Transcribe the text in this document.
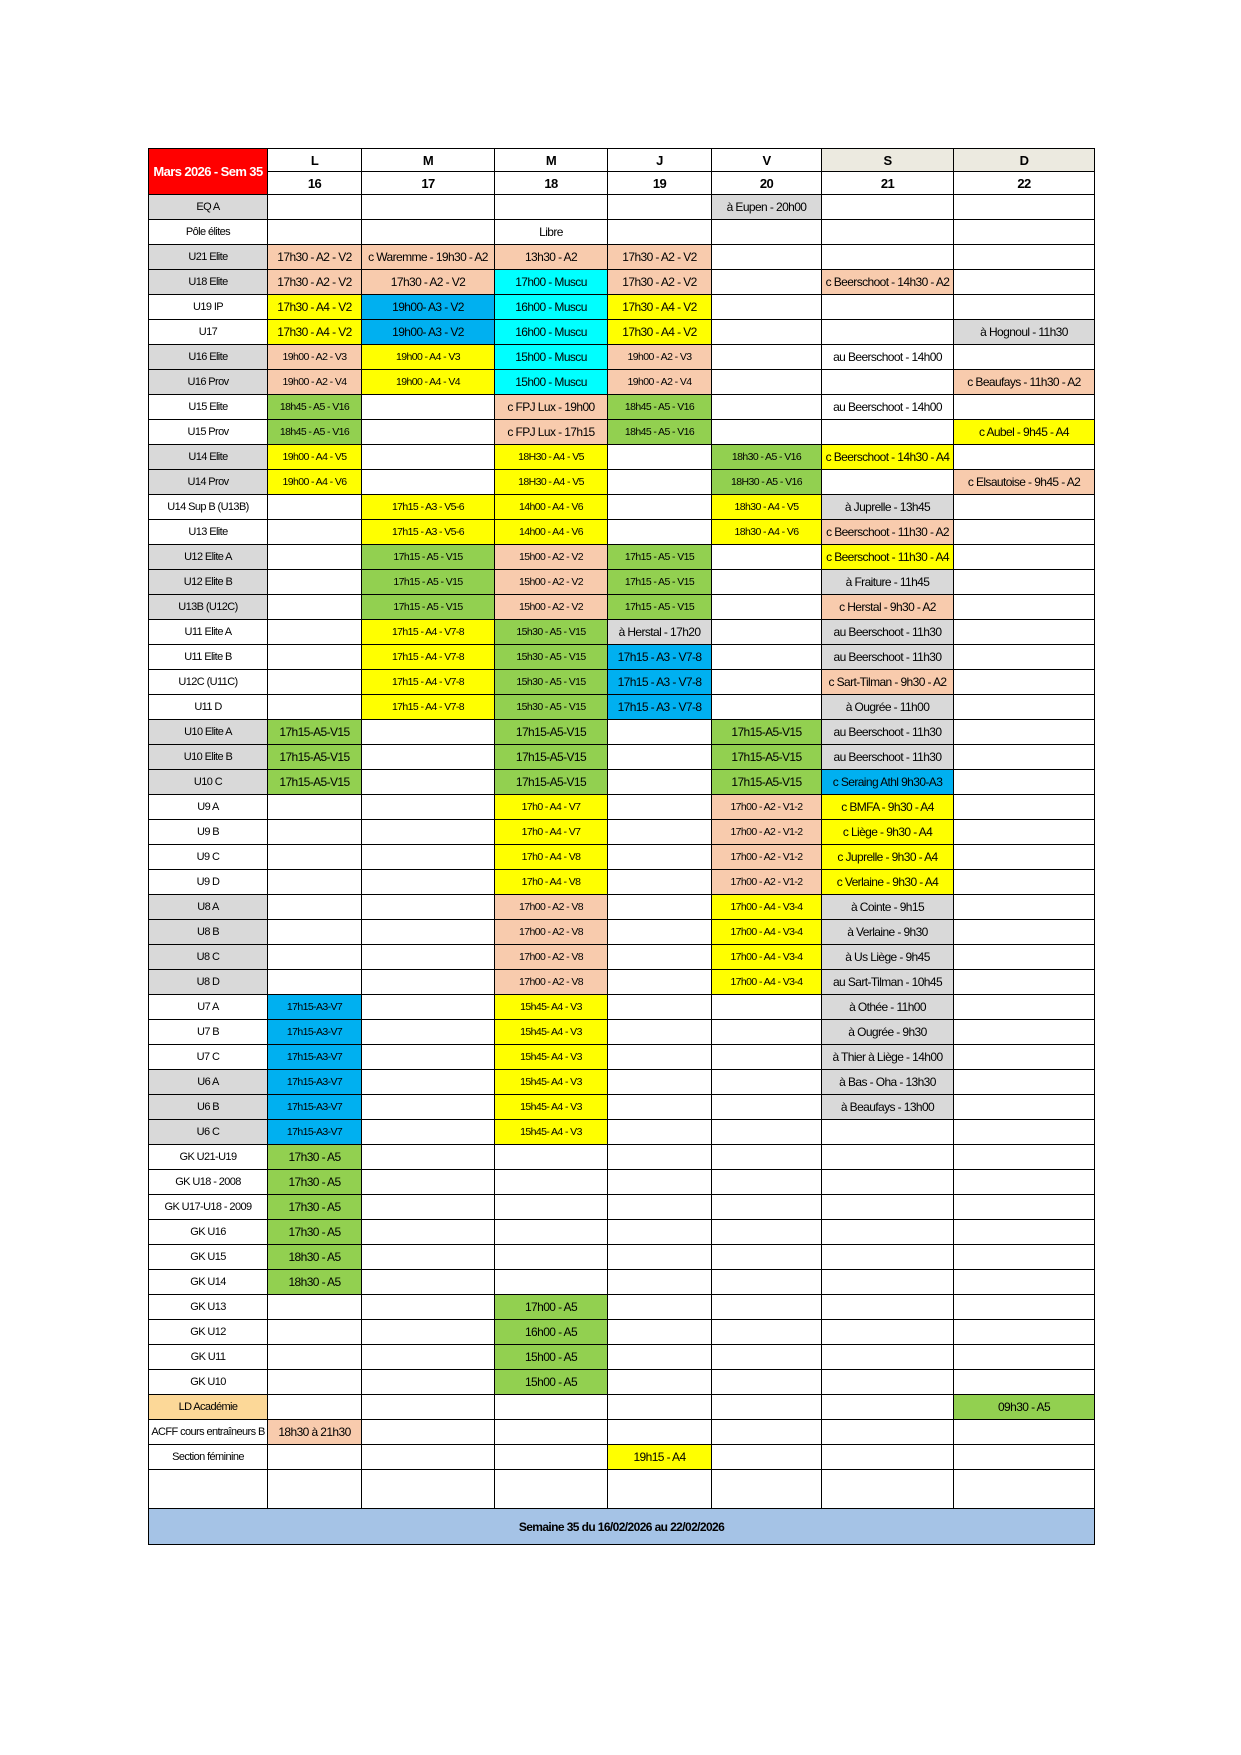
Mars 2026 - Sem 35	L	M	M	J	V	S	D
	16	17	18	19	20	21	22
EQ A					à Eupen - 20h00		
Pôle élites			Libre				
U21 Elite	17h30 - A2 - V2	c Waremme - 19h30 - A2	13h30 - A2	17h30 - A2 - V2			
U18 Elite	17h30 - A2 - V2	17h30 - A2 - V2	17h00 - Muscu	17h30 - A2 - V2		c Beerschoot - 14h30 - A2	
U19 IP	17h30 - A4 - V2	19h00- A3 - V2	16h00 - Muscu	17h30 - A4 - V2			
U17	17h30 - A4 - V2	19h00- A3 - V2	16h00 - Muscu	17h30 - A4 - V2			à Hognoul - 11h30
U16 Elite	19h00 - A2 - V3	19h00 - A4 - V3	15h00 - Muscu	19h00 - A2 - V3		au Beerschoot - 14h00	
U16 Prov	19h00 - A2 - V4	19h00 - A4 - V4	15h00 - Muscu	19h00 - A2 - V4			c Beaufays - 11h30 - A2
U15 Elite	18h45 - A5 - V16		c FPJ Lux - 19h00	18h45 - A5 - V16		au Beerschoot - 14h00	
U15 Prov	18h45 - A5 - V16		c FPJ Lux - 17h15	18h45 - A5 - V16			c Aubel - 9h45 - A4
U14 Elite	19h00 - A4 - V5		18H30 - A4 - V5		18h30 - A5 - V16	c Beerschoot - 14h30 - A4	
U14 Prov	19h00 - A4 - V6		18H30 - A4 - V5		18H30 - A5 - V16		c Elsautoise - 9h45 - A2
U14 Sup B (U13B)		17h15 - A3 - V5-6	14h00 - A4 - V6		18h30 - A4 - V5	à Juprelle - 13h45	
U13 Elite		17h15 - A3 - V5-6	14h00 - A4 - V6		18h30 - A4 - V6	c Beerschoot - 11h30 - A2	
U12 Elite A		17h15 - A5 - V15	15h00 - A2 - V2	17h15 - A5 - V15		c Beerschoot - 11h30 - A4	
U12 Elite B		17h15 - A5 - V15	15h00 - A2 - V2	17h15 - A5 - V15		à Fraiture - 11h45	
U13B (U12C)		17h15 - A5 - V15	15h00 - A2 - V2	17h15 - A5 - V15		c Herstal - 9h30 - A2	
U11 Elite A		17h15 - A4 - V7-8	15h30 - A5 - V15	à Herstal - 17h20		au Beerschoot - 11h30	
U11 Elite B		17h15 - A4 - V7-8	15h30 - A5 - V15	17h15 - A3 - V7-8		au Beerschoot - 11h30	
U12C (U11C)		17h15 - A4 - V7-8	15h30 - A5 - V15	17h15 - A3 - V7-8		c Sart-Tilman - 9h30 - A2	
U11 D		17h15 - A4 - V7-8	15h30 - A5 - V15	17h15 - A3 - V7-8		à Ougrée - 11h00	
U10 Elite A	17h15-A5-V15		17h15-A5-V15		17h15-A5-V15	au Beerschoot - 11h30	
U10 Elite B	17h15-A5-V15		17h15-A5-V15		17h15-A5-V15	au Beerschoot - 11h30	
U10 C	17h15-A5-V15		17h15-A5-V15		17h15-A5-V15	c Seraing Athl 9h30-A3	
U9 A			17h0 - A4 - V7		17h00 - A2 - V1-2	c BMFA - 9h30 - A4	
U9 B			17h0 - A4 - V7		17h00 - A2 - V1-2	c Liège - 9h30 - A4	
U9 C			17h0 - A4 - V8		17h00 - A2 - V1-2	c Juprelle - 9h30 - A4	
U9 D			17h0 - A4 - V8		17h00 - A2 - V1-2	c Verlaine - 9h30 - A4	
U8 A			17h00 - A2 - V8		17h00 - A4 - V3-4	à Cointe - 9h15	
U8 B			17h00 - A2 - V8		17h00 - A4 - V3-4	à Verlaine - 9h30	
U8 C			17h00 - A2 - V8		17h00 - A4 - V3-4	à Us Liège - 9h45	
U8 D			17h00 - A2 - V8		17h00 - A4 - V3-4	au Sart-Tilman - 10h45	
U7 A	17h15-A3-V7		15h45- A4 - V3			à Othée - 11h00	
U7 B	17h15-A3-V7		15h45- A4 - V3			à Ougrée - 9h30	
U7 C	17h15-A3-V7		15h45- A4 - V3			à Thier à Liège - 14h00	
U6 A	17h15-A3-V7		15h45- A4 - V3			à Bas - Oha - 13h30	
U6 B	17h15-A3-V7		15h45- A4 - V3			à Beaufays - 13h00	
U6 C	17h15-A3-V7		15h45- A4 - V3				
GK U21-U19	17h30 - A5						
GK U18 - 2008	17h30 - A5						
GK U17-U18 - 2009	17h30 - A5						
GK U16	17h30 - A5						
GK U15	18h30 - A5						
GK U14	18h30 - A5						
GK U13			17h00 - A5				
GK U12			16h00 - A5				
GK U11			15h00 - A5				
GK U10			15h00 - A5				
LD Académie							09h30 - A5
ACFF cours entraîneurs B	18h30 à 21h30						
Section féminine				19h15 - A4			

Semaine 35 du 16/02/2026 au 22/02/2026							
